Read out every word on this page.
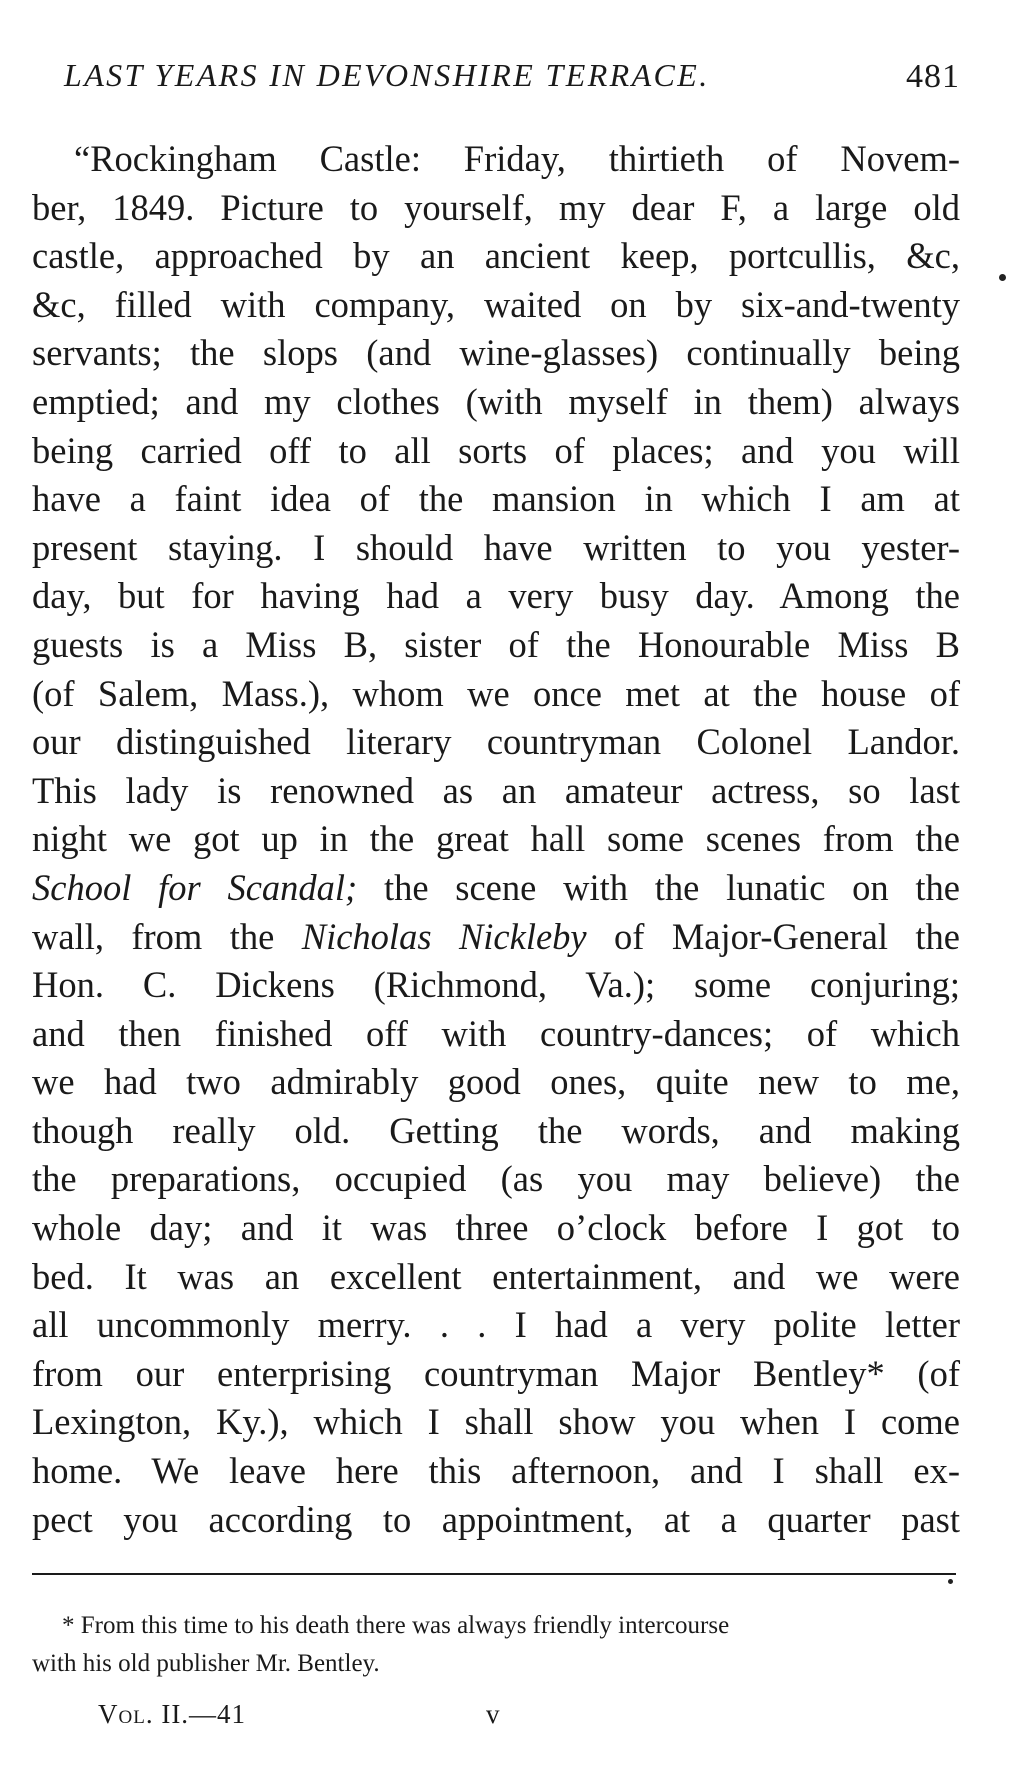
LAST YEARS IN DEVONSHIRE TERRACE.	481
“Rockingham Castle: Friday, thirtieth of Novem-
ber, 1849. Picture to yourself, my dear F, a large old
castle, approached by an ancient keep, portcullis, &c,
&c, filled with company, waited on by six-and-twenty
servants; the slops (and wine-glasses) continually being
emptied; and my clothes (with myself in them) always
being carried off to all sorts of places; and you will
have a faint idea of the mansion in which I am at
present staying. I should have written to you yester-
day, but for having had a very busy day. Among the
guests is a Miss B, sister of the Honourable Miss B
(of Salem, Mass.), whom we once met at the house of
our distinguished literary countryman Colonel Landor.
This lady is renowned as an amateur actress, so last
night we got up in the great hall some scenes from the
School for Scandal; the scene with the lunatic on the
wall, from the Nicholas Nickleby of Major-General the
Hon. C. Dickens (Richmond, Va.); some conjuring;
and then finished off with country-dances; of which
we had two admirably good ones, quite new to me,
though really old. Getting the words, and making
the preparations, occupied (as you may believe) the
whole day; and it was three o’clock before I got to
bed. It was an excellent entertainment, and we were
all uncommonly merry. . . I had a very polite letter
from our enterprising countryman Major Bentley* (of
Lexington, Ky.), which I shall show you when I come
home. We leave here this afternoon, and I shall ex-
pect you according to appointment, at a quarter past
* From this time to his death there was always friendly intercourse
with his old publisher Mr. Bentley.
Vol. II.—41	v
